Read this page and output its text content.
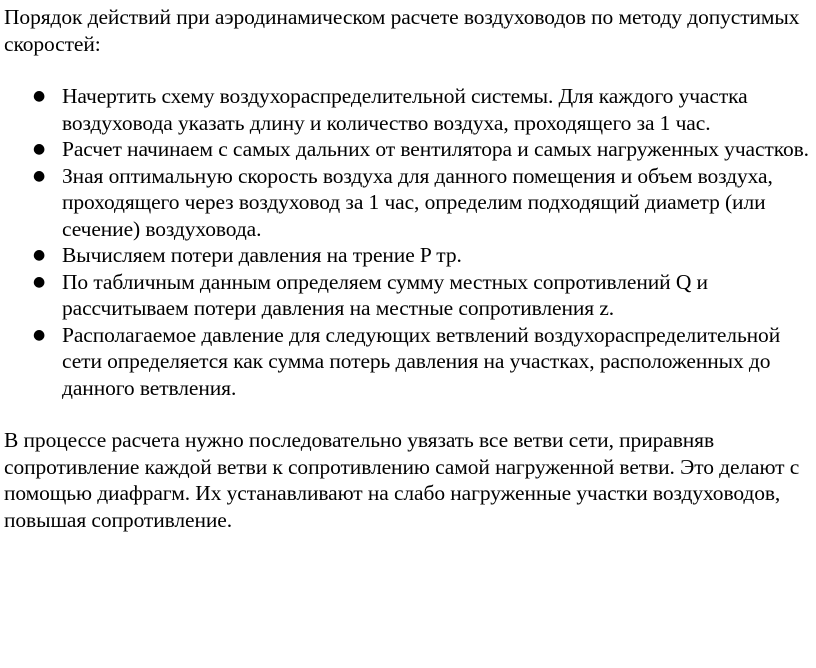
Порядок действий при аэродинамическом расчете воздуховодов по методу допустимых скоростей:

● Начертить схему воздухораспределительной системы. Для каждого участка воздуховода указать длину и количество воздуха, проходящего за 1 час.
● Расчет начинаем с самых дальних от вентилятора и самых нагруженных участков.
● Зная оптимальную скорость воздуха для данного помещения и объем воздуха, проходящего через воздуховод за 1 час, определим подходящий диаметр (или сечение) воздуховода.
● Вычисляем потери давления на трение P тр.
● По табличным данным определяем сумму местных сопротивлений Q и рассчитываем потери давления на местные сопротивления z.
● Располагаемое давление для следующих ветвлений воздухораспределительной сети определяется как сумма потерь давления на участках, расположенных до данного ветвления.

В процессе расчета нужно последовательно увязать все ветви сети, приравняв сопротивление каждой ветви к сопротивлению самой нагруженной ветви. Это делают с помощью диафрагм. Их устанавливают на слабо нагруженные участки воздуховодов, повышая сопротивление.
